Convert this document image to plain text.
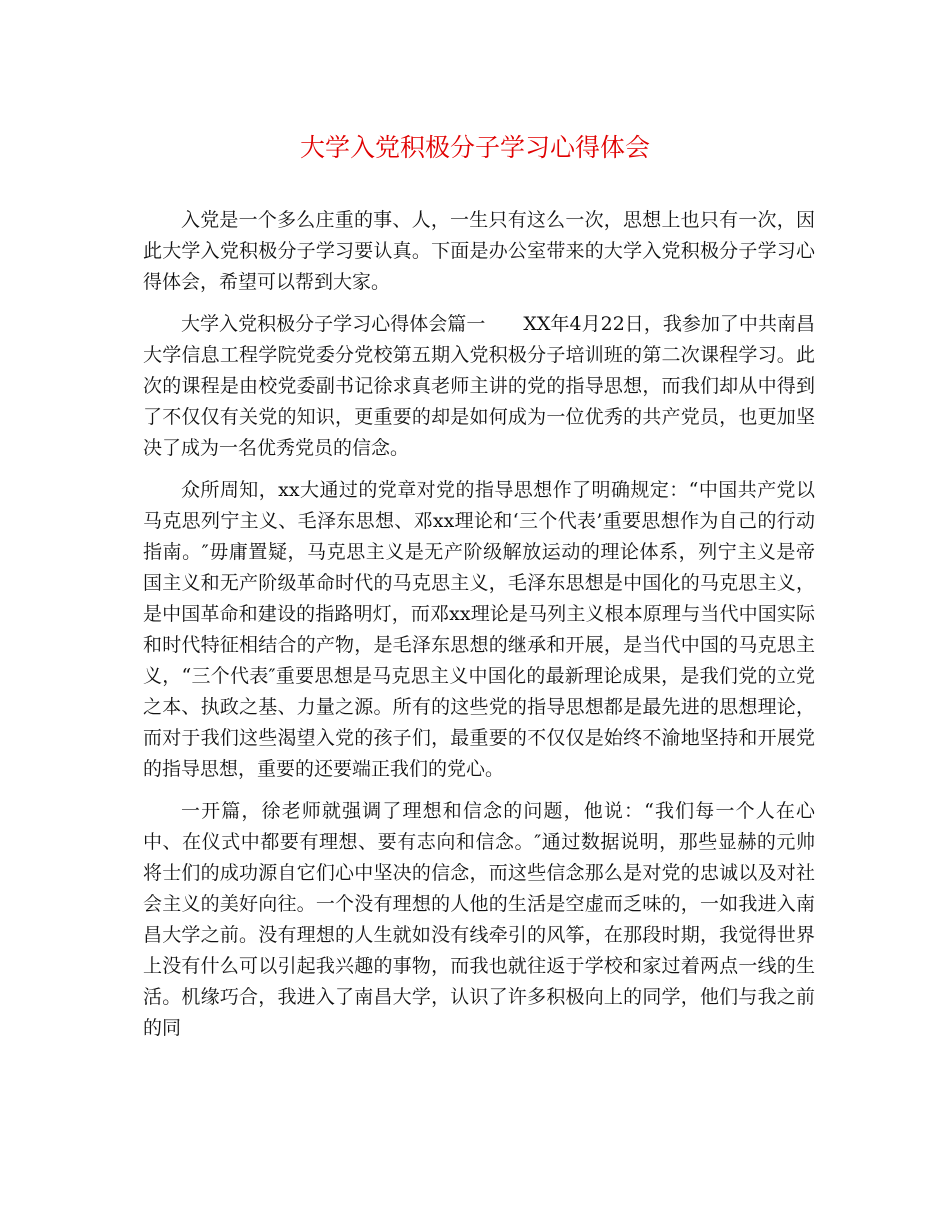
大学入党积极分子学习心得体会

入党是一个多么庄重的事、人，一生只有这么一次，思想上也只有一次，因此大学入党积极分子学习要认真。下面是办公室带来的大学入党积极分子学习心得体会，希望可以帮到大家。

大学入党积极分子学习心得体会篇一　　XX年4月22日，我参加了中共南昌大学信息工程学院党委分党校第五期入党积极分子培训班的第二次课程学习。此次的课程是由校党委副书记徐求真老师主讲的党的指导思想，而我们却从中得到了不仅仅有关党的知识，更重要的却是如何成为一位优秀的共产党员，也更加坚决了成为一名优秀党员的信念。

众所周知，xx大通过的党章对党的指导思想作了明确规定：“中国共产党以马克思列宁主义、毛泽东思想、邓xx理论和‘三个代表’重要思想作为自己的行动指南。″毋庸置疑，马克思主义是无产阶级解放运动的理论体系，列宁主义是帝国主义和无产阶级革命时代的马克思主义，毛泽东思想是中国化的马克思主义，是中国革命和建设的指路明灯，而邓xx理论是马列主义根本原理与当代中国实际和时代特征相结合的产物，是毛泽东思想的继承和开展，是当代中国的马克思主义，“三个代表″重要思想是马克思主义中国化的最新理论成果，是我们党的立党之本、执政之基、力量之源。所有的这些党的指导思想都是最先进的思想理论，而对于我们这些渴望入党的孩子们，最重要的不仅仅是始终不渝地坚持和开展党的指导思想，重要的还要端正我们的党心。

一开篇，徐老师就强调了理想和信念的问题，他说：“我们每一个人在心中、在仪式中都要有理想、要有志向和信念。″通过数据说明，那些显赫的元帅将士们的成功源自它们心中坚决的信念，而这些信念那么是对党的忠诚以及对社会主义的美好向往。一个没有理想的人他的生活是空虚而乏味的，一如我进入南昌大学之前。没有理想的人生就如没有线牵引的风筝，在那段时期，我觉得世界上没有什么可以引起我兴趣的事物，而我也就往返于学校和家过着两点一线的生活。机缘巧合，我进入了南昌大学，认识了许多积极向上的同学，他们与我之前的同
